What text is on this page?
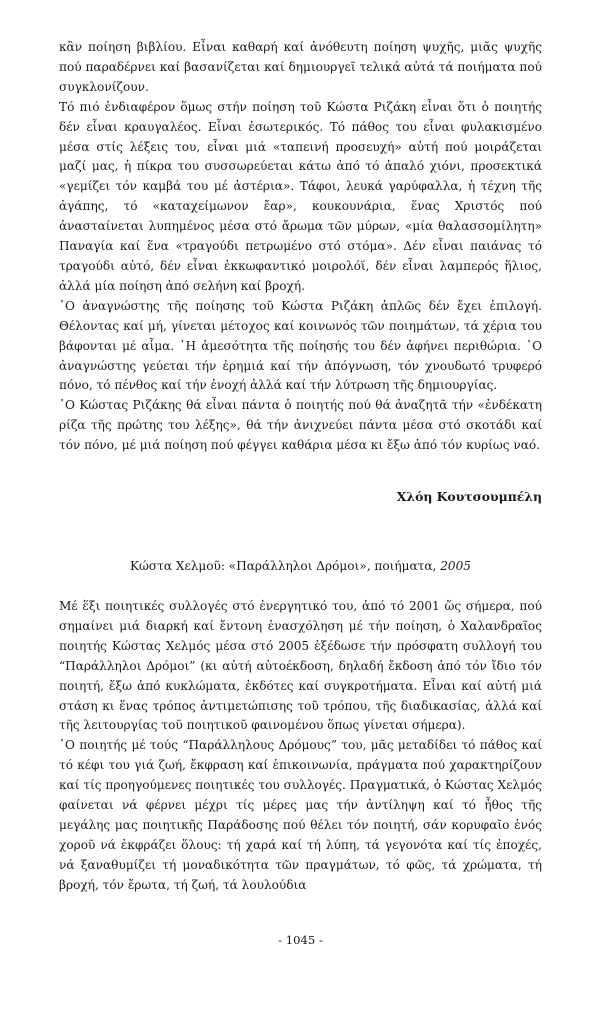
κἂν ποίηση βιβλίου. Εἶναι καθαρή καί ἀνόθευτη ποίηση ψυχῆς, μιᾶς ψυχῆς πού παραδέρνει καί βασανίζεται καί δημιουργεῖ τελικά αὐτά τά ποιήματα πού συγκλονίζουν.

Τό πιό ἐνδιαφέρον ὅμως στήν ποίηση τοῦ Κώστα Ριζάκη εἶναι ὅτι ὁ ποιητής δέν εἶναι κραυγαλέος. Εἶναι ἐσωτερικός. Τό πάθος του εἶναι φυλακισμένο μέσα στίς λέξεις του, εἶναι μιά «ταπεινή προσευχή» αὐτή πού μοιράζεται μαζί μας, ἡ πίκρα του συσσωρεύεται κάτω ἀπό τό ἀπαλό χιόνι, προσεκτικά «γεμίζει τόν καμβά του μέ ἀστέρια». Τάφοι, λευκά γαρύφαλλα, ἡ τέχνη τῆς ἀγάπης, τό «καταχείμωνον ἔαρ», κουκουνάρια, ἕνας Χριστός πού ἀνασταίνεται λυπημένος μέσα στό ἄρωμα τῶν μύρων, «μία θαλασσομίλητη» Παναγία καί ἕνα «τραγούδι πετρωμένο στό στόμα». Δέν εἶναι παιάνας τό τραγούδι αὐτό, δέν εἶναι ἐκκωφαντικό μοιρολόϊ, δέν εἶναι λαμπερός ἥλιος, ἀλλά μία ποίηση ἀπό σελήνη καί βροχή.

῾Ο ἀναγνώστης τῆς ποίησης τοῦ Κώστα Ριζάκη ἁπλῶς δέν ἔχει ἐπιλογή. Θέλοντας καί μή, γίνεται μέτοχος καί κοινωνός τῶν ποιημάτων, τά χέρια του βάφονται μέ αἷμα. ῾Η ἀμεσότητα τῆς ποίησής του δέν ἀφήνει περιθώρια. ῾Ο ἀναγνώστης γεύεται τήν ἐρημιά καί τήν ἀπόγνωση, τόν χνουδωτό τρυφερό πόνο, τό πένθος καί τήν ἐνοχή ἀλλά καί τήν λύτρωση τῆς δημιουργίας.

῾Ο Κώστας Ριζάκης θά εἶναι πάντα ὁ ποιητής πού θά ἀναζητᾶ τήν «ἐνδέκατη ρίζα τῆς πρώτης του λέξης», θά τήν ἀνιχνεύει πάντα μέσα στό σκοτάδι καί τόν πόνο, μέ μιά ποίηση πού φέγγει καθάρια μέσα κι ἔξω ἀπό τόν κυρίως ναό.

Χλόη Κουτσουμπέλη
Κώστα Χελμοῦ: «Παράλληλοι Δρόμοι», ποιήματα, 2005

Μέ ἕξι ποιητικές συλλογές στό ἐνεργητικό του, ἀπό τό 2001 ὥς σήμερα, πού σημαίνει μιά διαρκή καί ἔντονη ἐνασχόληση μέ τήν ποίηση, ὁ Χαλανδραῖος ποιητής Κώστας Χελμός μέσα στό 2005 ἐξέδωσε τήν πρόσφατη συλλογή του “Παράλληλοι Δρόμοι” (κι αὐτή αὐτοέκδοση, δηλαδή ἔκδοση ἀπό τόν ἴδιο τόν ποιητή, ἔξω ἀπό κυκλώματα, ἐκδότες καί συγκροτήματα. Εἶναι καί αὐτή μιά στάση κι ἕνας τρόπος ἀντιμετώπισης τοῦ τρόπου, τῆς διαδικασίας, ἀλλά καί τῆς λειτουργίας τοῦ ποιητικοῦ φαινομένου ὅπως γίνεται σήμερα).

῾Ο ποιητής μέ τούς “Παράλληλους Δρόμους” του, μᾶς μεταδίδει τό πάθος καί τό κέφι του γιά ζωή, ἔκφραση καί ἐπικοινωνία, πράγματα πού χαρακτηρίζουν καί τίς προηγούμενες ποιητικές του συλλογές. Πραγματικά, ὁ Κώστας Χελμός φαίνεται νά φέρνει μέχρι τίς μέρες μας τήν ἀντίληψη καί τό ἦθος τῆς μεγάλης μας ποιητικῆς Παράδοσης πού θέλει τόν ποιητή, σάν κορυφαῖο ἑνός χοροῦ νά ἐκφράζει ὅλους: τή χαρά καί τή λύπη, τά γεγονότα καί τίς ἐποχές, νά ξαναθυμίζει τή μοναδικότητα τῶν πραγμάτων, τό φῶς, τά χρώματα, τή βροχή, τόν ἔρωτα, τή ζωή, τά λουλούδια

- 1045 -
